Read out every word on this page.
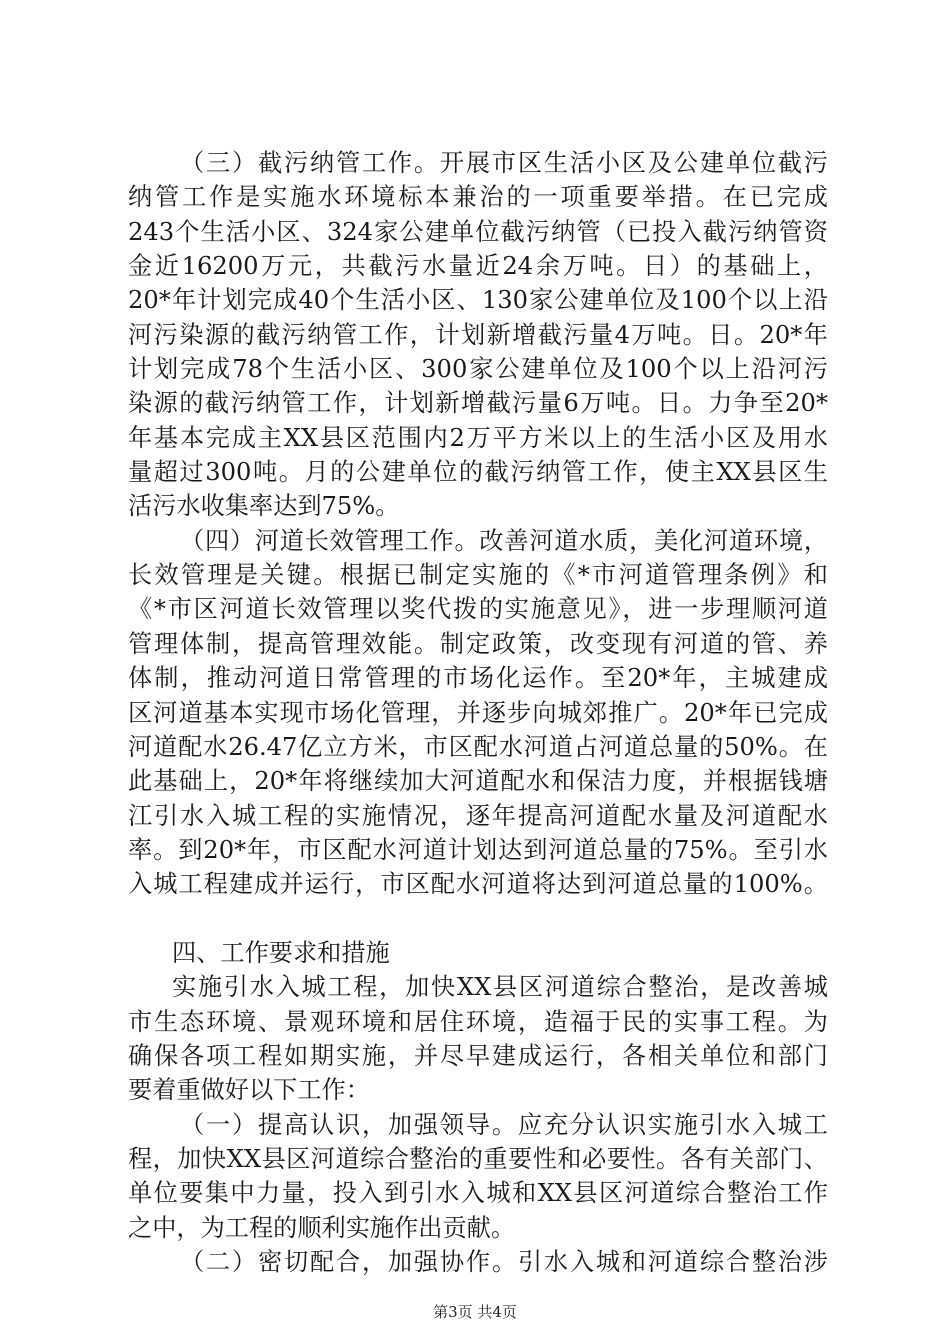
（三）截污纳管工作。开展市区生活小区及公建单位截污
纳管工作是实施水环境标本兼治的一项重要举措。在已完成
243个生活小区、324家公建单位截污纳管（已投入截污纳管资
金近16200万元，共截污水量近24余万吨。日）的基础上，
20*年计划完成40个生活小区、130家公建单位及100个以上沿
河污染源的截污纳管工作，计划新增截污量4万吨。日。20*年
计划完成78个生活小区、300家公建单位及100个以上沿河污
染源的截污纳管工作，计划新增截污量6万吨。日。力争至20*
年基本完成主XX县区范围内2万平方米以上的生活小区及用水
量超过300吨。月的公建单位的截污纳管工作，使主XX县区生
活污水收集率达到75%。
（四）河道长效管理工作。改善河道水质，美化河道环境，
长效管理是关键。根据已制定实施的《*市河道管理条例》和
《*市区河道长效管理以奖代拨的实施意见》，进一步理顺河道
管理体制，提高管理效能。制定政策，改变现有河道的管、养
体制，推动河道日常管理的市场化运作。至20*年，主城建成
区河道基本实现市场化管理，并逐步向城郊推广。20*年已完成
河道配水26.47亿立方米，市区配水河道占河道总量的50%。在
此基础上，20*年将继续加大河道配水和保洁力度，并根据钱塘
江引水入城工程的实施情况，逐年提高河道配水量及河道配水
率。到20*年，市区配水河道计划达到河道总量的75%。至引水
入城工程建成并运行，市区配水河道将达到河道总量的100%。
四、工作要求和措施
实施引水入城工程，加快XX县区河道综合整治，是改善城
市生态环境、景观环境和居住环境，造福于民的实事工程。为
确保各项工程如期实施，并尽早建成运行，各相关单位和部门
要着重做好以下工作：
（一）提高认识，加强领导。应充分认识实施引水入城工
程，加快XX县区河道综合整治的重要性和必要性。各有关部门、
单位要集中力量，投入到引水入城和XX县区河道综合整治工作
之中，为工程的顺利实施作出贡献。
（二）密切配合，加强协作。引水入城和河道综合整治涉
第3页 共4页
